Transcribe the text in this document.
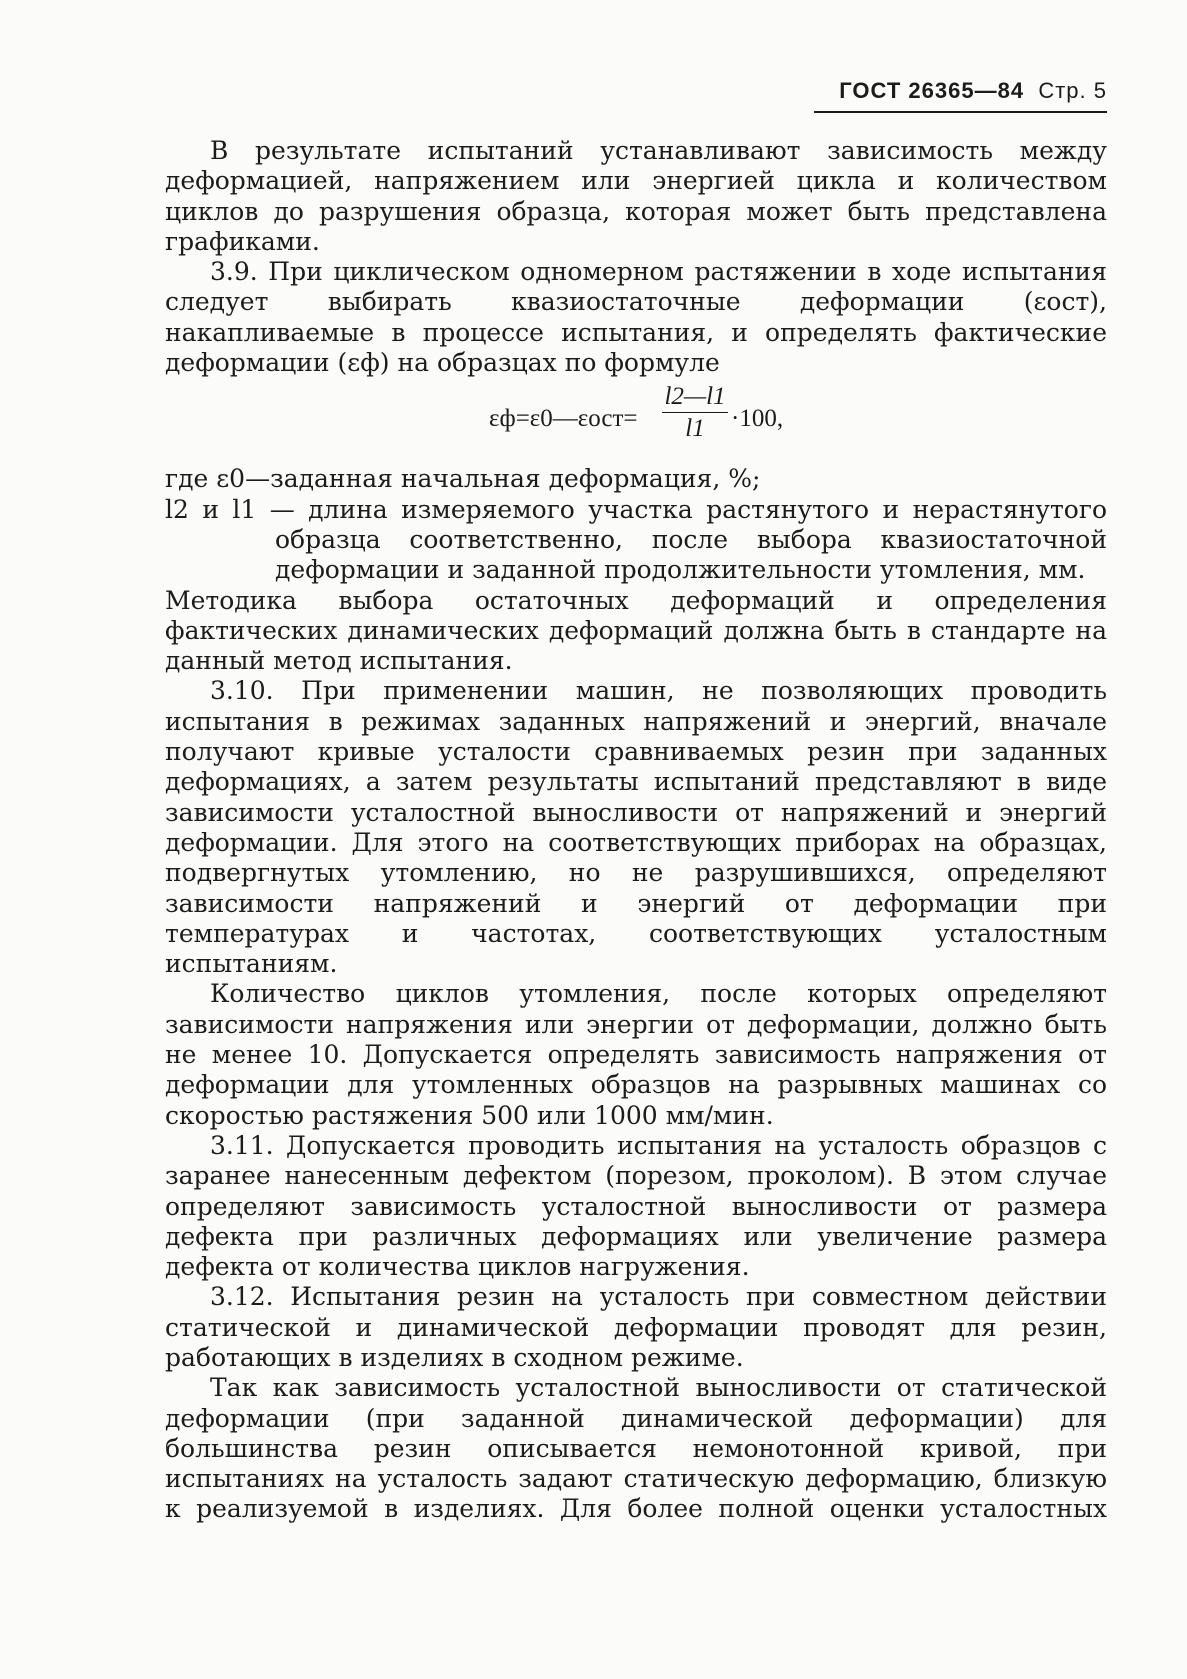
ГОСТ 26365—84 Стр. 5

В результате испытаний устанавливают зависимость между деформацией, напряжением или энергией цикла и количеством циклов до разрушения образца, которая может быть представлена графиками.

3.9. При циклическом одномерном растяжении в ходе испытания следует выбирать квазиостаточные деформации (εост), накапливаемые в процессе испытания, и определять фактические деформации (εф) на образцах по формуле

εф=ε0—εост= $\frac{l2—l1}{l1} \cdot 100$,

где ε0—заданная начальная деформация, %;

l2 и l1 — длина измеряемого участка растянутого и нерастянутого образца соответственно, после выбора квазиостаточной деформации и заданной продолжительности утомления, мм.

Методика выбора остаточных деформаций и определения фактических динамических деформаций должна быть в стандарте на данный метод испытания.

3.10. При применении машин, не позволяющих проводить испытания в режимах заданных напряжений и энергий, вначале получают кривые усталости сравниваемых резин при заданных деформациях, а затем результаты испытаний представляют в виде зависимости усталостной выносливости от напряжений и энергий деформации. Для этого на соответствующих приборах на образцах, подвергнутых утомлению, но не разрушившихся, определяют зависимости напряжений и энергий от деформации при температурах и частотах, соответствующих усталостным испытаниям.

Количество циклов утомления, после которых определяют зависимости напряжения или энергии от деформации, должно быть не менее 10. Допускается определять зависимость напряжения от деформации для утомленных образцов на разрывных машинах со скоростью растяжения 500 или 1000 мм/мин.

3.11. Допускается проводить испытания на усталость образцов с заранее нанесенным дефектом (порезом, проколом). В этом случае определяют зависимость усталостной выносливости от размера дефекта при различных деформациях или увеличение размера дефекта от количества циклов нагружения.

3.12. Испытания резин на усталость при совместном действии статической и динамической деформации проводят для резин, работающих в изделиях в сходном режиме.

Так как зависимость усталостной выносливости от статической деформации (при заданной динамической деформации) для большинства резин описывается немонотонной кривой, при испытаниях на усталость задают статическую деформацию, близкую к реализуемой в изделиях. Для более полной оценки усталостных
